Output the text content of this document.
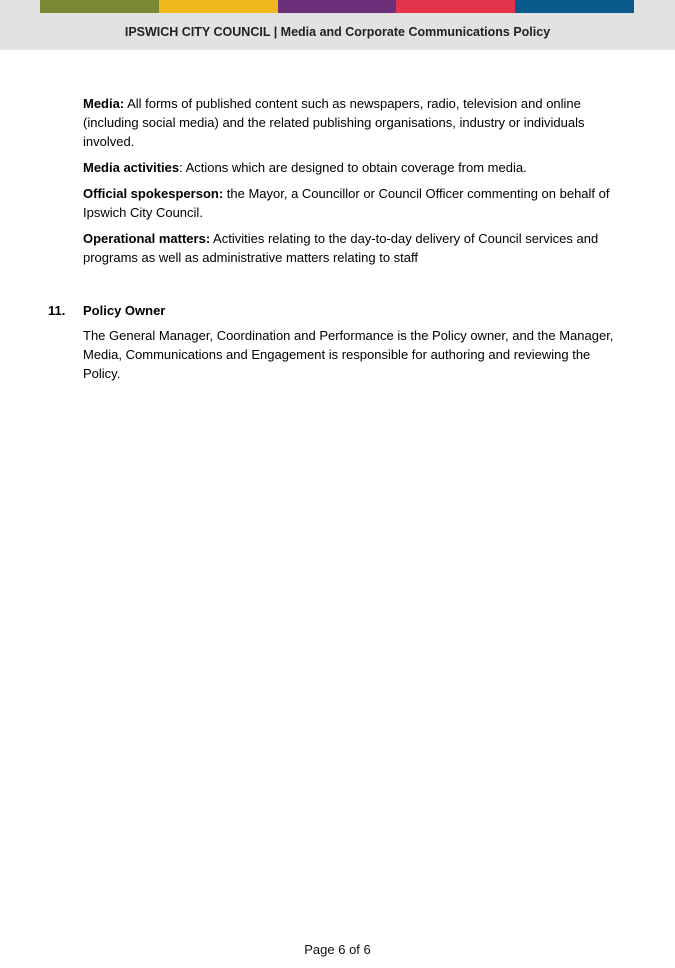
IPSWICH CITY COUNCIL | Media and Corporate Communications Policy

Media: All forms of published content such as newspapers, radio, television and online (including social media) and the related publishing organisations, industry or individuals involved.

Media activities: Actions which are designed to obtain coverage from media.

Official spokesperson: the Mayor, a Councillor or Council Officer commenting on behalf of Ipswich City Council.

Operational matters: Activities relating to the day-to-day delivery of Council services and programs as well as administrative matters relating to staff

11.	Policy Owner
The General Manager, Coordination and Performance is the Policy owner, and the Manager, Media, Communications and Engagement is responsible for authoring and reviewing the Policy.
Page 6 of 6
